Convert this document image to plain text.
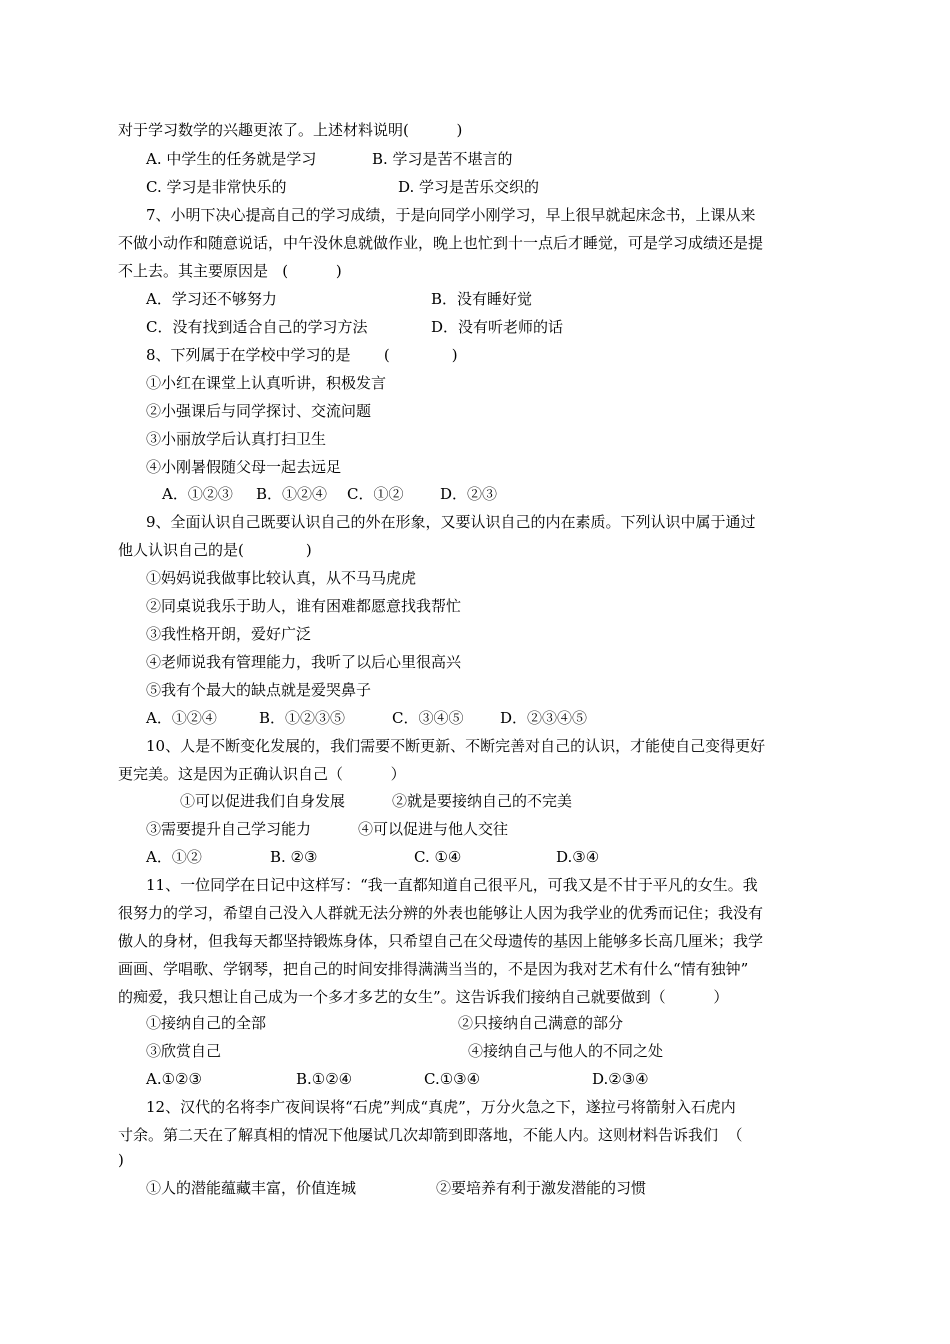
对于学习数学的兴趣更浓了。上述材料说明(          )
A. 中学生的任务就是学习	B. 学习是苦不堪言的
C. 学习是非常快乐的	D. 学习是苦乐交织的
7、小明下决心提高自己的学习成绩，于是向同学小刚学习，早上很早就起床念书，上课从来
不做小动作和随意说话，中午没休息就做作业，晚上也忙到十一点后才睡觉，可是学习成绩还是提
不上去。其主要原因是   (          )
A．学习还不够努力	B．没有睡好觉
C．没有找到适合自己的学习方法	D．没有听老师的话
8、下列属于在学校中学习的是       (             )
①小红在课堂上认真听讲，积极发言
②小强课后与同学探讨、交流问题
③小丽放学后认真打扫卫生
④小刚暑假随父母一起去远足
A．①②③ B．①②④ C．①② D．②③
9、全面认识自己既要认识自己的外在形象，又要认识自己的内在素质。下列认识中属于通过
他人认识自己的是(             )
①妈妈说我做事比较认真，从不马马虎虎
②同桌说我乐于助人，谁有困难都愿意找我帮忙
③我性格开朗，爱好广泛
④老师说我有管理能力，我听了以后心里很高兴
⑤我有个最大的缺点就是爱哭鼻子
A．①②④	B．①②③⑤	C．③④⑤ D．②③④⑤
10、人是不断变化发展的，我们需要不断更新、不断完善对自己的认识，才能使自己变得更好
更完美。这是因为正确认识自己（          ）
①可以促进我们自身发展	②就是要接纳自己的不完美
③需要提升自己学习能力	④可以促进与他人交往
A．①②	B. ②③	C. ①④	D.③④
11、一位同学在日记中这样写：“我一直都知道自己很平凡，可我又是不甘于平凡的女生。我
很努力的学习，希望自己没入人群就无法分辨的外表也能够让人因为我学业的优秀而记住；我没有
傲人的身材，但我每天都坚持锻炼身体，只希望自己在父母遗传的基因上能够多长高几厘米；我学
画画、学唱歌、学钢琴，把自己的时间安排得满满当当的，不是因为我对艺术有什么“情有独钟”
的痴爱，我只想让自己成为一个多才多艺的女生”。这告诉我们接纳自己就要做到（          ）
①接纳自己的全部	②只接纳自己满意的部分
③欣赏自己	④接纳自己与他人的不同之处
A.①②③	B.①②④	C.①③④	D.②③④
12、汉代的名将李广夜间误将“石虎”判成“真虎”，万分火急之下，遂拉弓将箭射入石虎内
寸余。第二天在了解真相的情况下他屡试几次却箭到即落地，不能人内。这则材料告诉我们  （
)
①人的潜能蕴藏丰富，价值连城	②要培养有利于激发潜能的习惯
